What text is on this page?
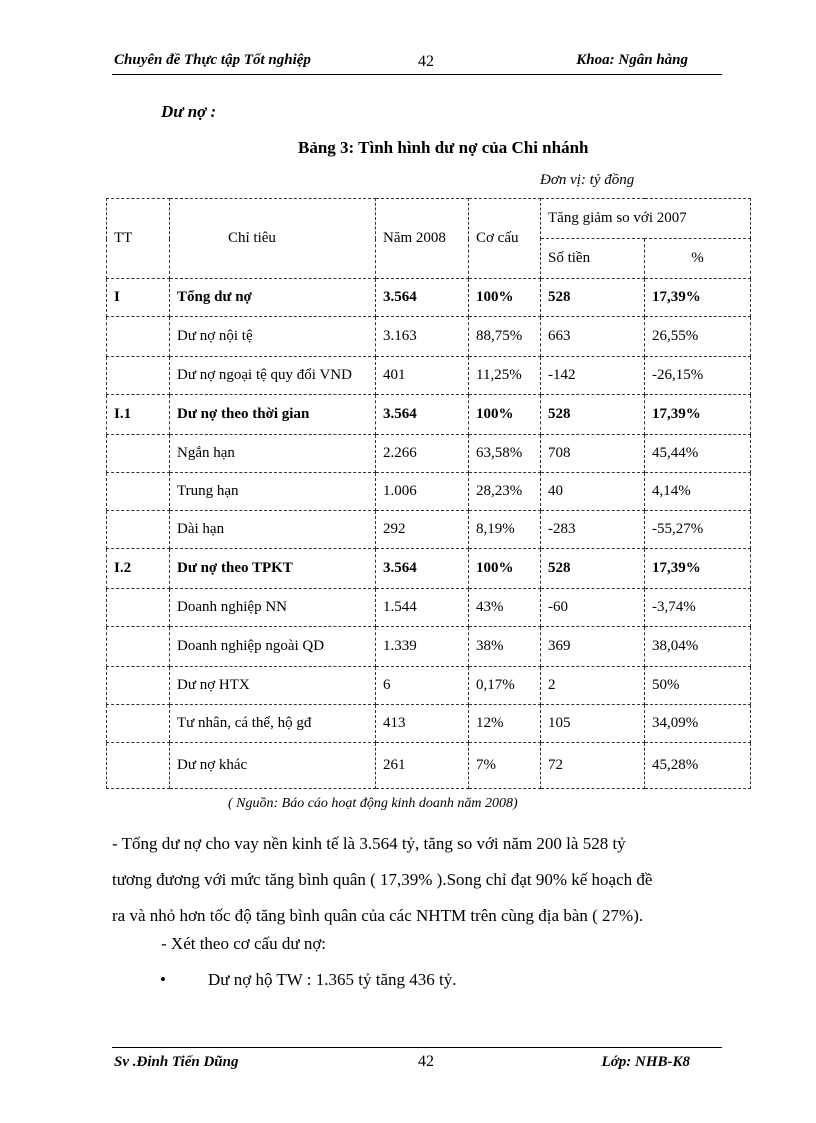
Chuyên đề Thực tập Tốt nghiệp	42	Khoa: Ngân hàng
Dư nợ :
Bảng 3: Tình hình dư nợ của Chi nhánh
Đơn vị: tỷ đồng
TT	Chỉ tiêu	Năm 2008	Cơ cấu	Tăng giảm so với 2007	
				Số tiền	%
I	Tổng dư nợ	3.564	100%	528	17,39%
	Dư nợ nội tệ	3.163	88,75%	663	26,55%
	Dư nợ ngoại tệ quy đổi VND	401	11,25%	-142	-26,15%
I.1	Dư nợ theo thời gian	3.564	100%	528	17,39%
	Ngắn hạn	2.266	63,58%	708	45,44%
	Trung hạn	1.006	28,23%	40	4,14%
	Dài hạn	292	8,19%	-283	-55,27%
I.2	Dư nợ theo TPKT	3.564	100%	528	17,39%
	Doanh nghiệp NN	1.544	43%	-60	-3,74%
	Doanh nghiệp ngoài QD	1.339	38%	369	38,04%
	Dư nợ HTX	6	0,17%	2	50%
	Tư nhân, cá thể, hộ gđ	413	12%	105	34,09%
	Dư nợ khác	261	7%	72	45,28%
( Nguồn: Báo cáo hoạt động kinh doanh năm 2008)

- Tổng dư nợ cho vay nền kinh tế là 3.564 tỷ, tăng so với năm 200 là 528 tỷ

tương đương với mức tăng bình quân ( 17,39% ).Song chỉ đạt 90% kế hoạch đề

ra và nhỏ hơn tốc độ tăng bình quân của các NHTM trên cùng địa bàn ( 27%).

- Xét theo cơ cấu dư nợ:
• Dư nợ hộ TW : 1.365 tỷ tăng 436 tỷ.
Sv .Đinh Tiến Dũng	42	Lớp: NHB-K8
